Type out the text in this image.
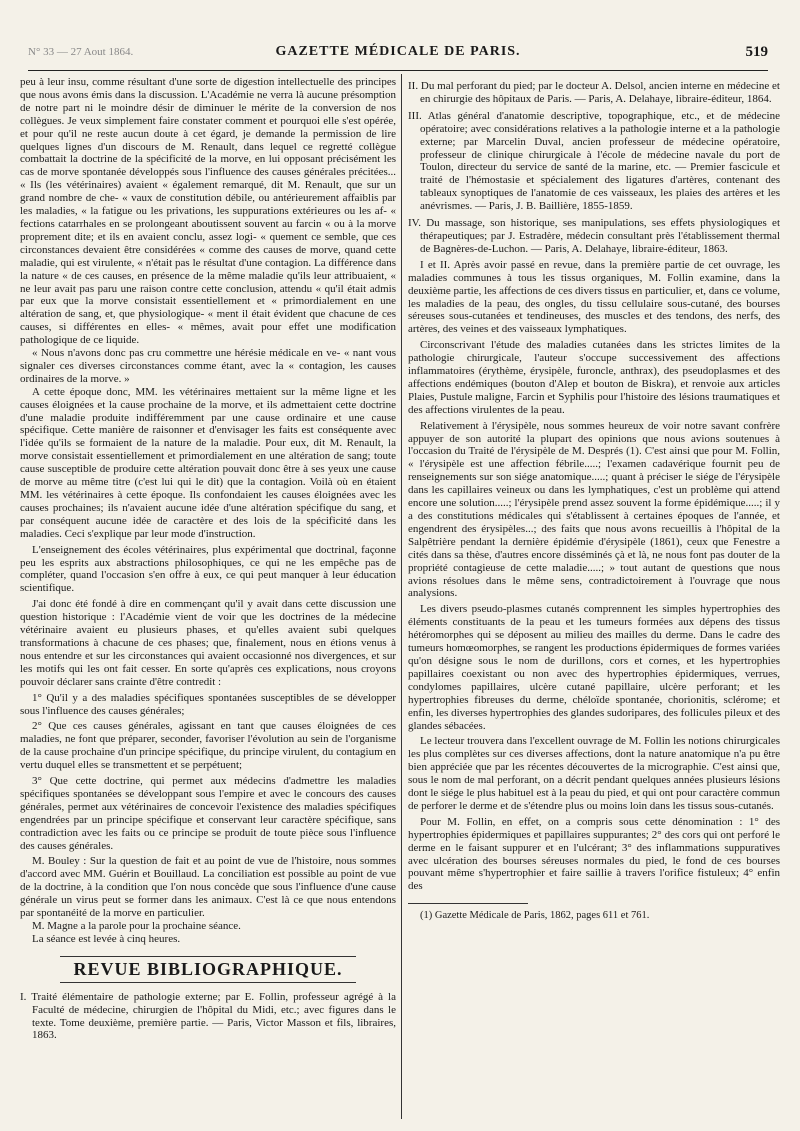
N° 33 — 27 Aout 1864.	GAZETTE MÉDICALE DE PARIS.	519

peu à leur insu, comme résultant d'une sorte de digestion intellectuelle des principes que nous avons émis dans la discussion. L'Académie ne verra là aucune présomption de notre part ni le moindre désir de diminuer le mérite de la conversion de nos collègues. Je veux simplement faire constater comment et pourquoi elle s'est opérée, et pour qu'il ne reste aucun doute à cet égard, je demande la permission de lire quelques lignes d'un discours de M. Renault, dans lequel ce regretté collègue combattait la doctrine de la spécificité de la morve, en lui opposant précisément les cas de morve spontanée développés sous l'influence des causes générales précitées... « Ils (les vétérinaires) avaient « également remarqué, dit M. Renault, que sur un grand nombre de che- « vaux de constitution débile, ou antérieurement affaiblis par les maladies, « la fatigue ou les privations, les suppurations extérieures ou les af- « fections catarrhales en se prolongeant aboutissent souvent au farcin « ou à la morve proprement dite; et ils en avaient conclu, assez logi- « quement ce semble, que ces circonstances devaient être considérées « comme des causes de morve, quand cette maladie, qui est virulente, « n'était pas le résultat d'une contagion. La différence dans la nature « de ces causes, en présence de la même maladie qu'ils leur attribuaient, « ne leur avait pas paru une raison contre cette conclusion, attendu « qu'il était admis par eux que la morve consistait essentiellement et « primordialement en une altération de sang, et, que physiologique- « ment il était évident que chacune de ces causes, si différentes en elles- « mêmes, avait pour effet une modification pathologique de ce liquide.

« Nous n'avons donc pas cru commettre une hérésie médicale en ve- « nant vous signaler ces diverses circonstances comme étant, avec la « contagion, les causes ordinaires de la morve. »

A cette époque donc, MM. les vétérinaires mettaient sur la même ligne et les causes éloignées et la cause prochaine de la morve, et ils admettaient cette doctrine d'une maladie produite indifféremment par une cause ordinaire et une cause spécifique. Cette manière de raisonner et d'envisager les faits est conséquente avec l'idée qu'ils se formaient de la nature de la maladie. Pour eux, dit M. Renault, la morve consistait essentiellement et primordialement en une altération de sang; toute cause susceptible de produire cette altération pouvait donc être à ses yeux une cause de morve au même titre (c'est lui qui le dit) que la contagion. Voilà où en étaient MM. les vétérinaires à cette époque. Ils confondaient les causes éloignées avec les causes prochaines; ils n'avaient aucune idée d'une altération spécifique du sang, et par conséquent aucune idée de caractère et des lois de la spécificité dans les maladies. Ceci s'explique par leur mode d'instruction.

L'enseignement des écoles vétérinaires, plus expérimental que doctrinal, façonne peu les esprits aux abstractions philosophiques, ce qui ne les empêche pas de compléter, quand l'occasion s'en offre à eux, ce qui peut manquer à leur éducation scientifique.

J'ai donc été fondé à dire en commençant qu'il y avait dans cette discussion une question historique : l'Académie vient de voir que les doctrines de la médecine vétérinaire avaient eu plusieurs phases, et qu'elles avaient subi quelques transformations à chacune de ces phases; que, finalement, nous en étions venus à nous entendre et sur les circonstances qui avaient occasionné nos divergences, et sur les motifs qui les ont fait cesser. En sorte qu'après ces explications, nous croyons pouvoir déclarer sans crainte d'être contredit :

1° Qu'il y a des maladies spécifiques spontanées susceptibles de se développer sous l'influence des causes générales;

2° Que ces causes générales, agissant en tant que causes éloignées de ces maladies, ne font que préparer, seconder, favoriser l'évolution au sein de l'organisme de la cause prochaine d'un principe spécifique, du principe virulent, du contagium en vertu duquel elles se transmettent et se perpétuent;

3° Que cette doctrine, qui permet aux médecins d'admettre les maladies spécifiques spontanées se développant sous l'empire et avec le concours des causes générales, permet aux vétérinaires de concevoir l'existence des maladies spécifiques engendrées par un principe spécifique et conservant leur caractère spécifique, sans contradiction avec les faits ou ce principe se produit de toute pièce sous l'influence des causes générales.

M. Bouley : Sur la question de fait et au point de vue de l'histoire, nous sommes d'accord avec MM. Guérin et Bouillaud. La conciliation est possible au point de vue de la doctrine, à la condition que l'on nous concède que sous l'influence d'une cause générale un virus peut se former dans les animaux. C'est là ce que nous entendons par spontanéité de la morve en particulier.

M. Magne a la parole pour la prochaine séance.

La séance est levée à cinq heures.

REVUE BIBLIOGRAPHIQUE.

I. Traité élémentaire de pathologie externe; par E. Follin, professeur agrégé à la Faculté de médecine, chirurgien de l'hôpital du Midi, etc.; avec figures dans le texte. Tome deuxième, première partie. — Paris, Victor Masson et fils, libraires, 1863.

II. Du mal perforant du pied; par le docteur A. Delsol, ancien interne en médecine et en chirurgie des hôpitaux de Paris. — Paris, A. Delahaye, libraire-éditeur, 1864.

III. Atlas général d'anatomie descriptive, topographique, etc., et de médecine opératoire; avec considérations relatives a la pathologie interne et a la pathologie externe; par Marcelin Duval, ancien professeur de médecine opératoire, professeur de clinique chirurgicale à l'école de médecine navale du port de Toulon, directeur du service de santé de la marine, etc. — Premier fascicule et traité de l'hémostasie et spécialement des ligatures d'artères, contenant des tableaux synoptiques de l'anatomie de ces vaisseaux, les plaies des artères et les anévrismes. — Paris, J. B. Baillière, 1855-1859.

IV. Du massage, son historique, ses manipulations, ses effets physiologiques et thérapeutiques; par J. Estradère, médecin consultant près l'établissement thermal de Bagnères-de-Luchon. — Paris, A. Delahaye, libraire-éditeur, 1863.

I et II. Après avoir passé en revue, dans la première partie de cet ouvrage, les maladies communes à tous les tissus organiques, M. Follin examine, dans la deuxième partie, les affections de ces divers tissus en particulier, et, dans ce volume, les maladies de la peau, des ongles, du tissu cellulaire sous-cutané, des bourses séreuses sous-cutanées et tendineuses, des muscles et des tendons, des nerfs, des artères, des veines et des vaisseaux lymphatiques.

Circonscrivant l'étude des maladies cutanées dans les strictes limites de la pathologie chirurgicale, l'auteur s'occupe successivement des affections inflammatoires (érythème, érysipèle, furoncle, anthrax), des pseudoplasmes et des affections endémiques (bouton d'Alep et bouton de Biskra), et renvoie aux articles Plaies, Pustule maligne, Farcin et Syphilis pour l'histoire des lésions traumatiques et des affections virulentes de la peau.

Relativement à l'érysipèle, nous sommes heureux de voir notre savant confrère appuyer de son autorité la plupart des opinions que nous avions soutenues à l'occasion du Traité de l'érysipèle de M. Després (1). C'est ainsi que pour M. Follin, « l'érysipèle est une affection fébrile.....; l'examen cadavérique fournit peu de renseignements sur son siége anatomique.....; quant à préciser le siége de l'érysipèle dans les capillaires veineux ou dans les lymphatiques, c'est un problème qui attend encore une solution.....; l'érysipèle prend assez souvent la forme épidémique.....; il y a des constitutions médicales qui s'établissent à certaines époques de l'année, et engendrent des érysipèles...; des faits que nous avons recueillis à l'hôpital de la Salpêtrière pendant la dernière épidémie d'érysipèle (1861), ceux que Fenestre a cités dans sa thèse, d'autres encore disséminés çà et là, ne nous font pas douter de la propriété contagieuse de cette maladie.....; » tout autant de questions que nous avions résolues dans le même sens, contradictoirement à l'ouvrage que nous analysions.

Les divers pseudo-plasmes cutanés comprennent les simples hypertrophies des éléments constituants de la peau et les tumeurs formées aux dépens des tissus hétéromorphes qui se déposent au milieu des mailles du derme. Dans le cadre des tumeurs homœomorphes, se rangent les productions épidermiques de formes variées qu'on désigne sous le nom de durillons, cors et cornes, et les hypertrophies papillaires coexistant ou non avec des hypertrophies épidermiques, verrues, condylomes papillaires, ulcère cutané papillaire, ulcère perforant; et les hypertrophies fibreuses du derme, chéloïde spontanée, chorionitis, sclérome; et enfin, les diverses hypertrophies des glandes sudoripares, des follicules pileux et des glandes sébacées.

Le lecteur trouvera dans l'excellent ouvrage de M. Follin les notions chirurgicales les plus complètes sur ces diverses affections, dont la nature anatomique n'a pu être bien appréciée que par les récentes découvertes de la micrographie. C'est ainsi que, sous le nom de mal perforant, on a décrit pendant quelques années plusieurs lésions dont le siége le plus habituel est à la peau du pied, et qui ont pour caractère commun de perforer le derme et de s'étendre plus ou moins loin dans les tissus sous-cutanés.

Pour M. Follin, en effet, on a compris sous cette dénomination : 1° des hypertrophies épidermiques et papillaires suppurantes; 2° des cors qui ont perforé le derme en le faisant suppurer et en l'ulcérant; 3° des inflammations suppuratives avec ulcération des bourses séreuses normales du pied, le fond de ces bourses pouvant même s'hypertrophier et faire saillie à travers l'orifice fistuleux; 4° enfin des

(1) Gazette Médicale de Paris, 1862, pages 611 et 761.
